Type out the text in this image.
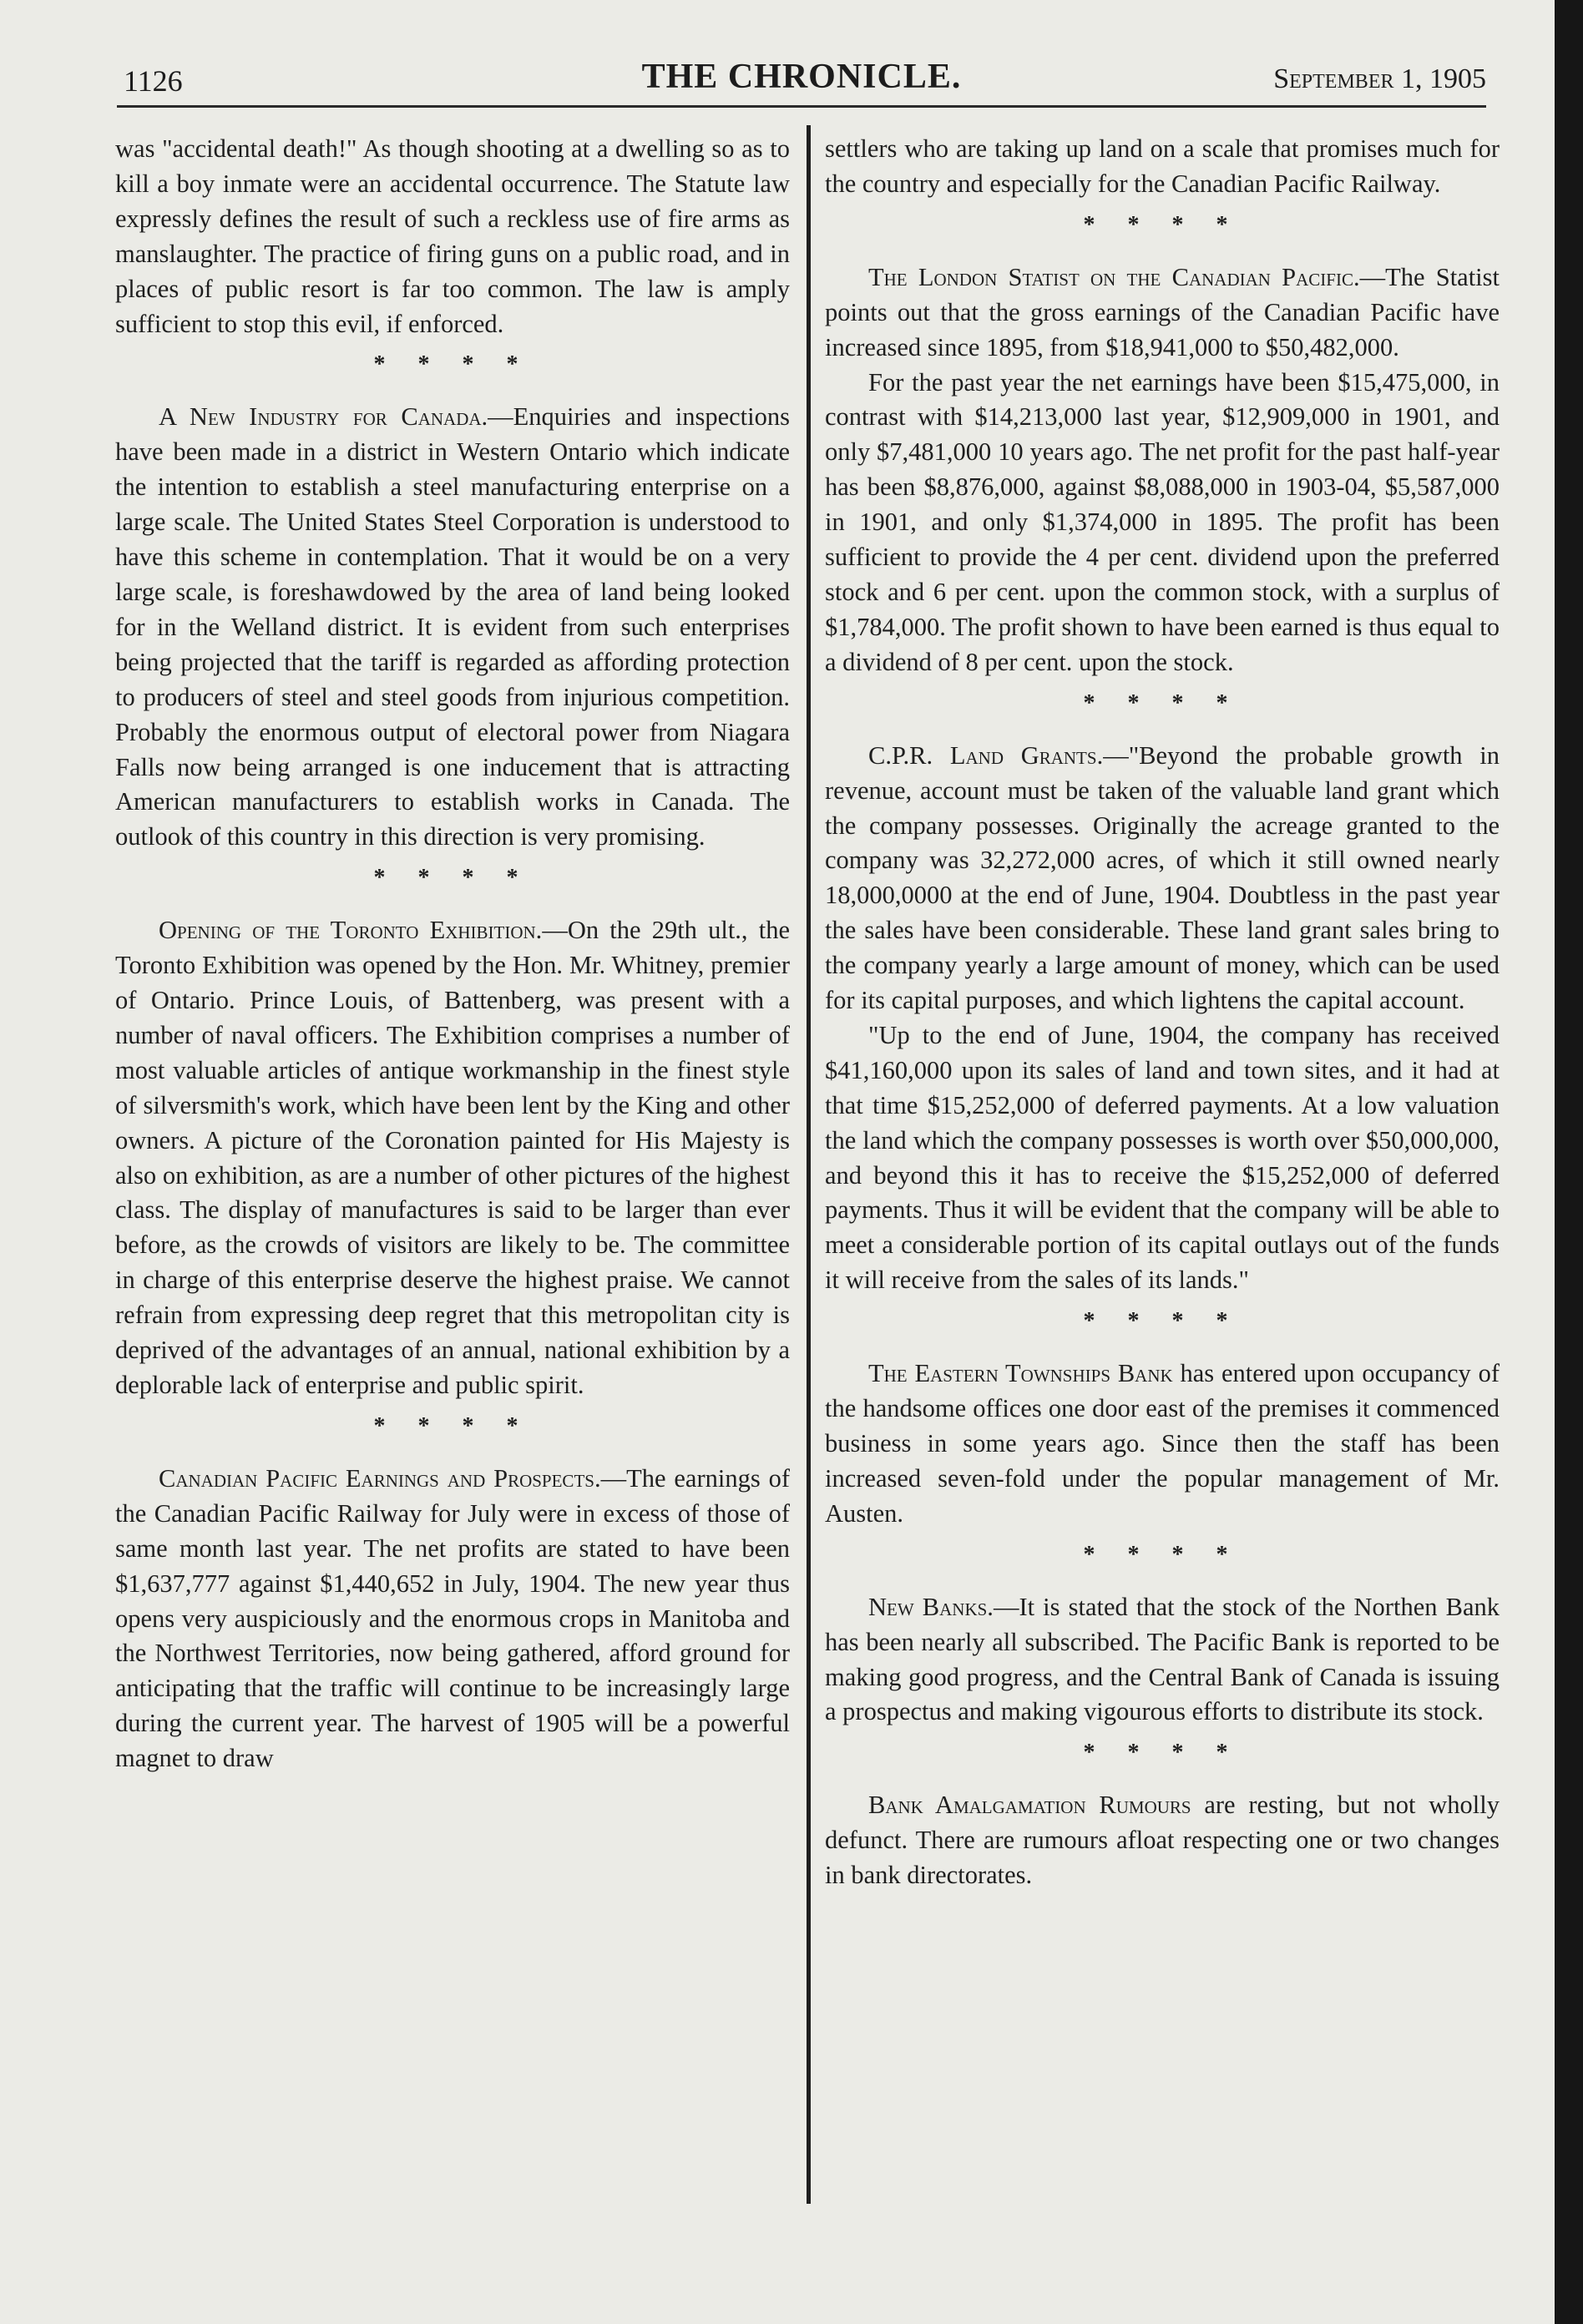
1126	THE CHRONICLE.	September 1, 1905

was "accidental death!" As though shooting at a dwelling so as to kill a boy inmate were an accidental occurrence. The Statute law expressly defines the result of such a reckless use of fire arms as manslaughter. The practice of firing guns on a public road, and in places of public resort is far too common. The law is amply sufficient to stop this evil, if enforced.

* * * *

A New Industry for Canada.—Enquiries and inspections have been made in a district in Western Ontario which indicate the intention to establish a steel manufacturing enterprise on a large scale. The United States Steel Corporation is understood to have this scheme in contemplation. That it would be on a very large scale, is foreshawdowed by the area of land being looked for in the Welland district. It is evident from such enterprises being projected that the tariff is regarded as affording protection to producers of steel and steel goods from injurious competition. Probably the enormous output of electoral power from Niagara Falls now being arranged is one inducement that is attracting American manufacturers to establish works in Canada. The outlook of this country in this direction is very promising.

* * * *

Opening of the Toronto Exhibition.—On the 29th ult., the Toronto Exhibition was opened by the Hon. Mr. Whitney, premier of Ontario. Prince Louis, of Battenberg, was present with a number of naval officers. The Exhibition comprises a number of most valuable articles of antique workmanship in the finest style of silversmith's work, which have been lent by the King and other owners. A picture of the Coronation painted for His Majesty is also on exhibition, as are a number of other pictures of the highest class. The display of manufactures is said to be larger than ever before, as the crowds of visitors are likely to be. The committee in charge of this enterprise deserve the highest praise. We cannot refrain from expressing deep regret that this metropolitan city is deprived of the advantages of an annual, national exhibition by a deplorable lack of enterprise and public spirit.

* * * *

Canadian Pacific Earnings and Prospects.—The earnings of the Canadian Pacific Railway for July were in excess of those of same month last year. The net profits are stated to have been $1,637,777 against $1,440,652 in July, 1904. The new year thus opens very auspiciously and the enormous crops in Manitoba and the Northwest Territories, now being gathered, afford ground for anticipating that the traffic will continue to be increasingly large during the current year. The harvest of 1905 will be a powerful magnet to draw

settlers who are taking up land on a scale that promises much for the country and especially for the Canadian Pacific Railway.

* * * *

The London Statist on the Canadian Pacific.—The Statist points out that the gross earnings of the Canadian Pacific have increased since 1895, from $18,941,000 to $50,482,000.

For the past year the net earnings have been $15,475,000, in contrast with $14,213,000 last year, $12,909,000 in 1901, and only $7,481,000 10 years ago. The net profit for the past half-year has been $8,876,000, against $8,088,000 in 1903-04, $5,587,000 in 1901, and only $1,374,000 in 1895. The profit has been sufficient to provide the 4 per cent. dividend upon the preferred stock and 6 per cent. upon the common stock, with a surplus of $1,784,000. The profit shown to have been earned is thus equal to a dividend of 8 per cent. upon the stock.

* * * *

C.P.R. Land Grants.—"Beyond the probable growth in revenue, account must be taken of the valuable land grant which the company possesses. Originally the acreage granted to the company was 32,272,000 acres, of which it still owned nearly 18,000,0000 at the end of June, 1904. Doubtless in the past year the sales have been considerable. These land grant sales bring to the company yearly a large amount of money, which can be used for its capital purposes, and which lightens the capital account.

"Up to the end of June, 1904, the company has received $41,160,000 upon its sales of land and town sites, and it had at that time $15,252,000 of deferred payments. At a low valuation the land which the company possesses is worth over $50,000,000, and beyond this it has to receive the $15,252,000 of deferred payments. Thus it will be evident that the company will be able to meet a considerable portion of its capital outlays out of the funds it will receive from the sales of its lands."

* * * *

The Eastern Townships Bank has entered upon occupancy of the handsome offices one door east of the premises it commenced business in some years ago. Since then the staff has been increased seven-fold under the popular management of Mr. Austen.

* * * *

New Banks.—It is stated that the stock of the Northen Bank has been nearly all subscribed. The Pacific Bank is reported to be making good progress, and the Central Bank of Canada is issuing a prospectus and making vigourous efforts to distribute its stock.

* * * *

Bank Amalgamation Rumours are resting, but not wholly defunct. There are rumours afloat respecting one or two changes in bank directorates.
